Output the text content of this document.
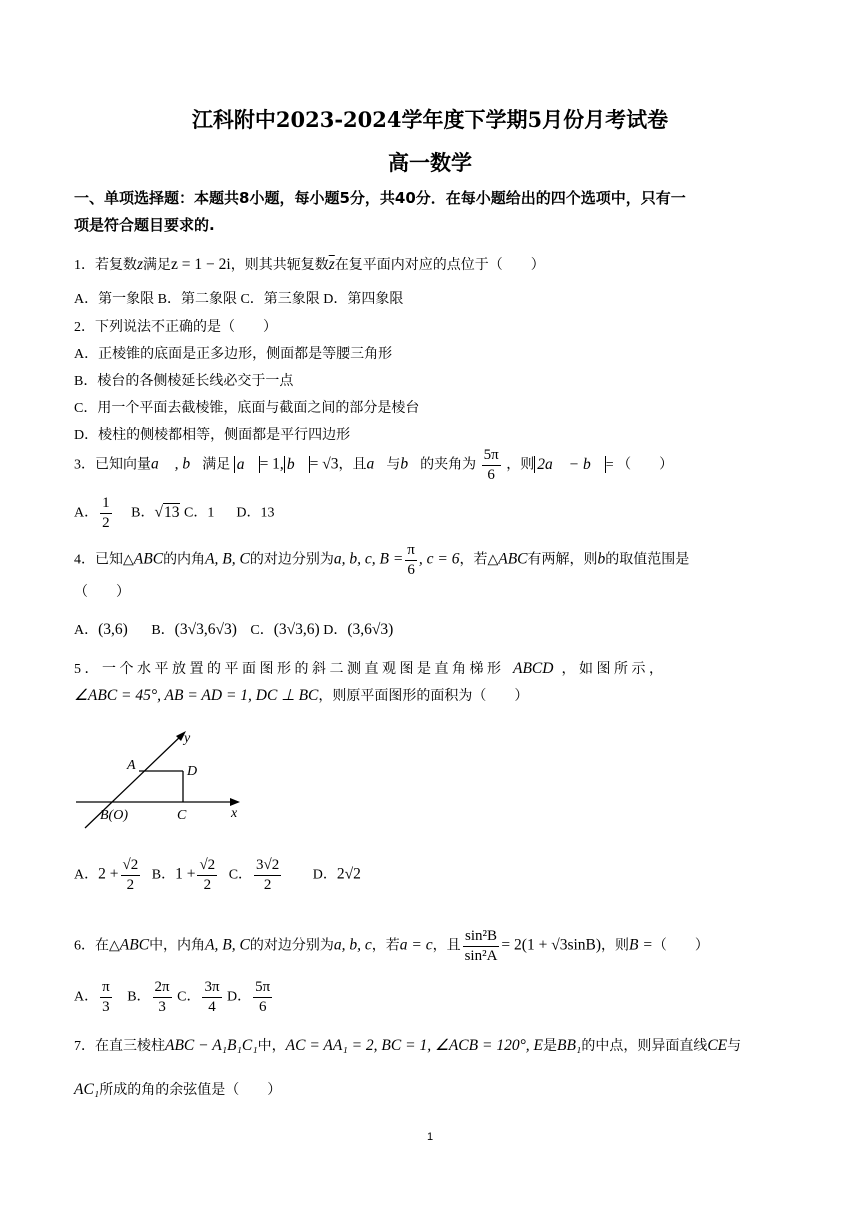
江科附中2023-2024学年度下学期5月份月考试卷
高一数学
一、单项选择题：本题共8小题，每小题5分，共40分．在每小题给出的四个选项中，只有一
项是符合题目要求的.
1．若复数z满足z = 1 − 2i，则其共轭复数$\overline{z}$在复平面内对应的点位于（　　）
A．第一象限 B．第二象限 C．第三象限 D．第四象限
2．下列说法不正确的是（　　）
A．正棱锥的底面是正多边形，侧面都是等腰三角形
B．棱台的各侧棱延长线必交于一点
C．用一个平面去截棱锥，底面与截面之间的部分是棱台
D．棱柱的侧棱都相等，侧面都是平行四边形
3．已知向量a⃗ , b⃗满足 a⃗ = 1, b⃗ = √3，且a⃗与b⃗的夹角为 $\frac{5\pi}{6}$ ，则 2a⃗ − b⃗ = （　　）
A． $\frac{1}{2}$ B．√13 C．1 D．13
4．已知△ABC的内角A, B, C的对边分别为a, b, c, $B = \frac{\pi}{6}$ , c = 6，若△ABC有两解，则b的取值范围是
（　　）
A．(3,6) B．(3√3,6√3) C．(3√3,6) D．(3,6√3)
5 ． 一 个 水 平 放 置 的 平 面 图 形 的 斜 二 测 直 观 图 是 直 角 梯 形 ABCD ， 如 图 所 示 ，
∠ABC = 45°, AB = AD = 1, DC ⊥ BC，则原平面图形的面积为（　　）
y
A	D
B(O)	C	x
A．$2 + \frac{√2}{2}$ B．$1 + \frac{√2}{2}$ C． $\frac{3√2}{2}$ D．2√2
6．在△ABC中，内角A, B, C的对边分别为a, b, c，若a = c，且 $\frac{\text{sin²B}}{\text{sin²A}} = 2(1 + √3\sin B)$，则B =（　　）
A． $\frac{\pi}{3}$ B． $\frac{2\pi}{3}$ C． $\frac{3\pi}{4}$ D． $\frac{5\pi}{6}$
7．在直三棱柱ABC − A₁B₁C₁中，AC = AA₁ = 2, BC = 1, ∠ACB = 120°, E是BB₁的中点，则异面直线CE与
AC₁所成的角的余弦值是（　　）
1
